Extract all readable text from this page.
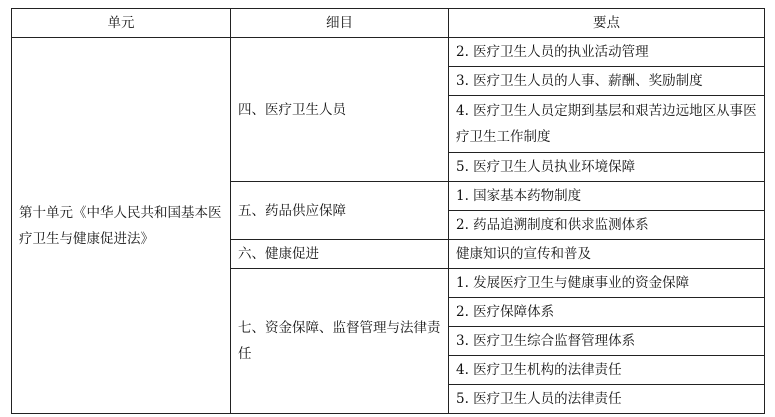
单元	细目	要点
第十单元《中华人民共和国基本医疗卫生与健康促进法》	四、医疗卫生人员	2. 医疗卫生人员的执业活动管理
		3. 医疗卫生人员的人事、薪酬、奖励制度
		4. 医疗卫生人员定期到基层和艰苦边远地区从事医疗卫生工作制度
		5. 医疗卫生人员执业环境保障
	五、药品供应保障	1. 国家基本药物制度
		2. 药品追溯制度和供求监测体系
	六、健康促进	健康知识的宣传和普及
	七、资金保障、监督管理与法律责任	1. 发展医疗卫生与健康事业的资金保障
		2. 医疗保障体系
		3. 医疗卫生综合监督管理体系
		4. 医疗卫生机构的法律责任
		5. 医疗卫生人员的法律责任
